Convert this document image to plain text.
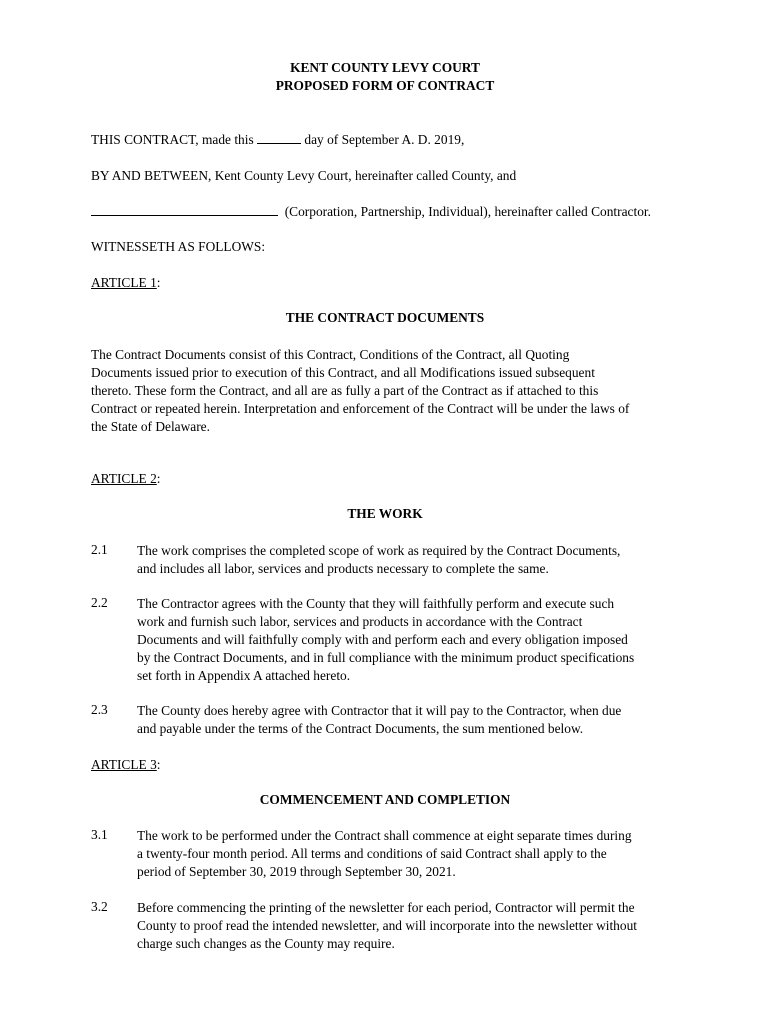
KENT COUNTY LEVY COURT
PROPOSED FORM OF CONTRACT
THIS CONTRACT, made this	day of September A. D. 2019,
BY AND BETWEEN, Kent County Levy Court, hereinafter called County, and
(Corporation, Partnership, Individual), hereinafter called Contractor.
WITNESSETH AS FOLLOWS:
ARTICLE 1:
THE CONTRACT DOCUMENTS
The Contract Documents consist of this Contract, Conditions of the Contract, all Quoting
Documents issued prior to execution of this Contract, and all Modifications issued subsequent
thereto. These form the Contract, and all are as fully a part of the Contract as if attached to this
Contract or repeated herein. Interpretation and enforcement of the Contract will be under the laws of
the State of Delaware.
ARTICLE 2:
THE WORK
2.1 The work comprises the completed scope of work as required by the Contract Documents,
and includes all labor, services and products necessary to complete the same.
2.2 The Contractor agrees with the County that they will faithfully perform and execute such
work and furnish such labor, services and products in accordance with the Contract
Documents and will faithfully comply with and perform each and every obligation imposed
by the Contract Documents, and in full compliance with the minimum product specifications
set forth in Appendix A attached hereto.
2.3 The County does hereby agree with Contractor that it will pay to the Contractor, when due
and payable under the terms of the Contract Documents, the sum mentioned below.
ARTICLE 3:
COMMENCEMENT AND COMPLETION
3.1 The work to be performed under the Contract shall commence at eight separate times during
a twenty-four month period. All terms and conditions of said Contract shall apply to the
period of September 30, 2019 through September 30, 2021.
3.2 Before commencing the printing of the newsletter for each period, Contractor will permit the
County to proof read the intended newsletter, and will incorporate into the newsletter without
charge such changes as the County may require.
